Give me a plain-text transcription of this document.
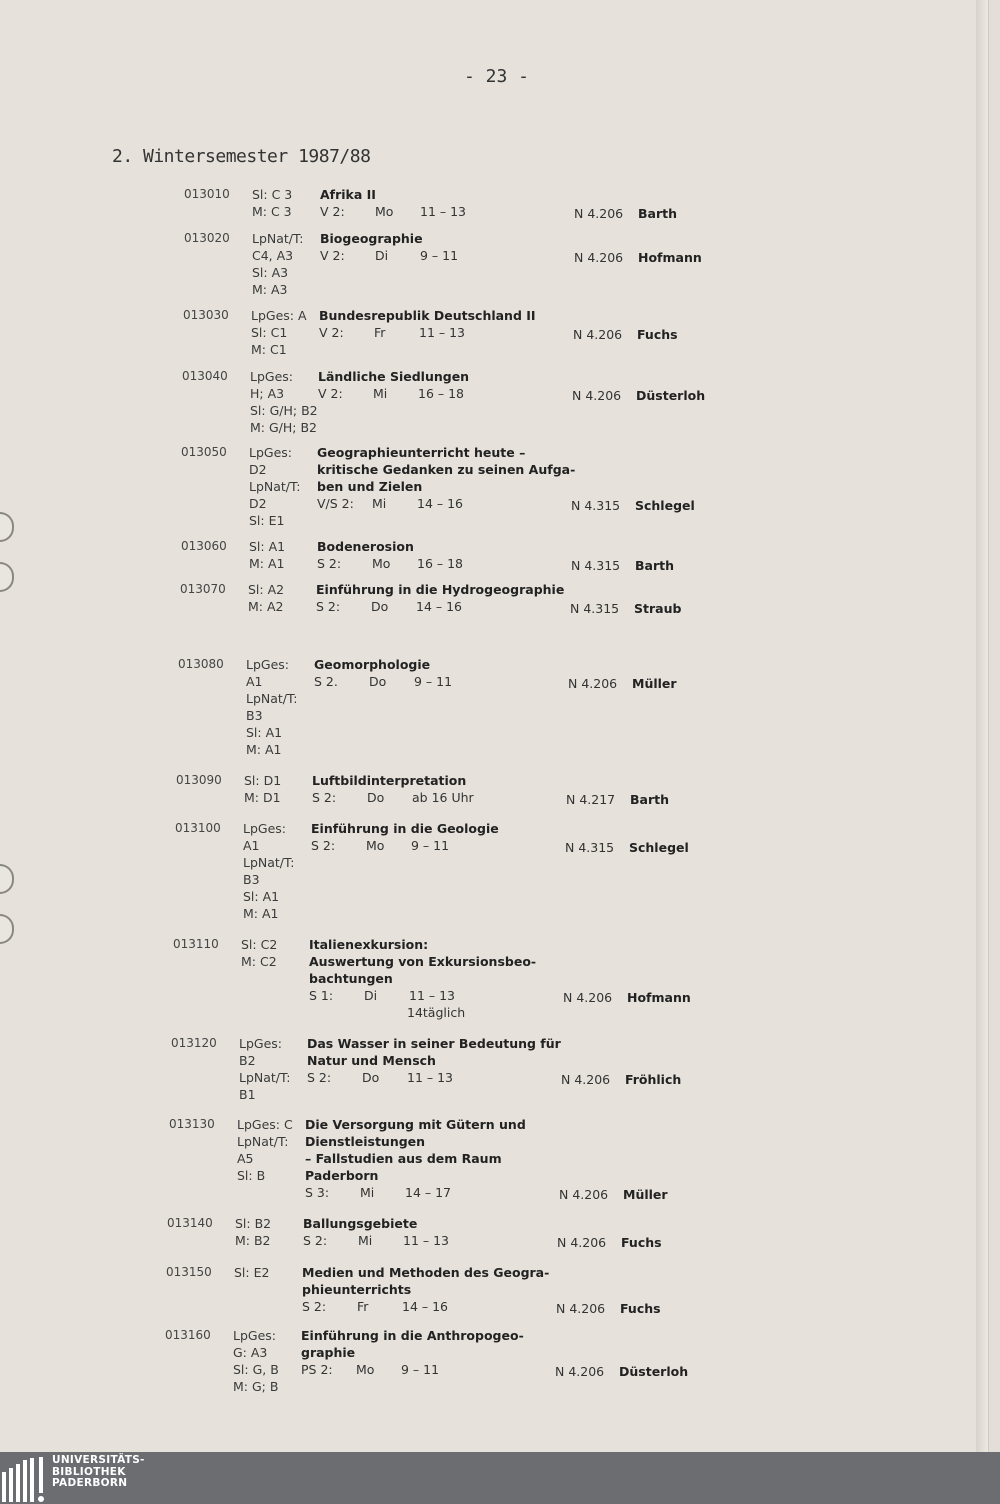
- 23 -
2. Wintersemester 1987/88
013010 Sl: C 3
M: C 3
Afrika II
V 2: Mo 11 – 13	N 4.206 Barth
013020 LpNat/T:
C4, A3
Sl: A3
M: A3
Biogeographie
V 2: Di	9 – 11	N 4.206 Hofmann
013030 LpGes: A
Sl: C1
M: C1
Bundesrepublik Deutschland II
V 2: Fr	11 – 13	N 4.206 Fuchs
013040 LpGes:
H; A3
Sl: G/H; B2
M: G/H; B2
Ländliche Siedlungen
V 2: Mi 16 – 18	N 4.206 Düsterloh
013050 LpGes:
D2
LpNat/T:
D2
Sl: E1
Geographieunterricht heute –
kritische Gedanken zu seinen Aufga-
ben und Zielen
V/S 2: Mi 14 – 16	N 4.315 Schlegel
013060 Sl: A1
M: A1
Bodenerosion
S 2: Mo 16 – 18	N 4.315 Barth
013070 Sl: A2
M: A2
Einführung in die Hydrogeographie
S 2: Do 14 – 16	N 4.315 Straub
013080 LpGes:
A1
LpNat/T:
B3
Sl: A1
M: A1
Geomorphologie
S 2. Do 9 – 11	N 4.206 Müller
013090 Sl: D1
M: D1
Luftbildinterpretation
S 2: Do ab 16 Uhr	N 4.217 Barth
013100 LpGes:
A1
LpNat/T:
B3
Sl: A1
M: A1
Einführung in die Geologie
S 2: Mo 9 – 11	N 4.315 Schlegel
013110 Sl: C2
M: C2
Italienexkursion:
Auswertung von Exkursionsbeo-
bachtungen
S 1: Di	11 – 13
14täglich
N 4.206 Hofmann
013120 LpGes:
B2
LpNat/T:
B1
Das Wasser in seiner Bedeutung für
Natur und Mensch
S 2: Do 11 – 13	N 4.206 Fröhlich
013130 LpGes: C
LpNat/T:
A5
Sl: B
Die Versorgung mit Gütern und
Dienstleistungen
– Fallstudien aus dem Raum
Paderborn
S 3: Mi 14 – 17	N 4.206 Müller
013140 Sl: B2
M: B2
Ballungsgebiete
S 2: Mi 11 – 13	N 4.206 Fuchs
013150 Sl: E2	Medien und Methoden des Geogra-
phieunterrichts
S 2: Fr	14 – 16	N 4.206 Fuchs
013160 LpGes:
G: A3
Sl: G, B
M: G; B
Einführung in die Anthropogeo-
graphie
PS 2: Mo 9 – 11	N 4.206 Düsterloh
UNIVERSITÄTS-
BIBLIOTHEK
PADERBORN
